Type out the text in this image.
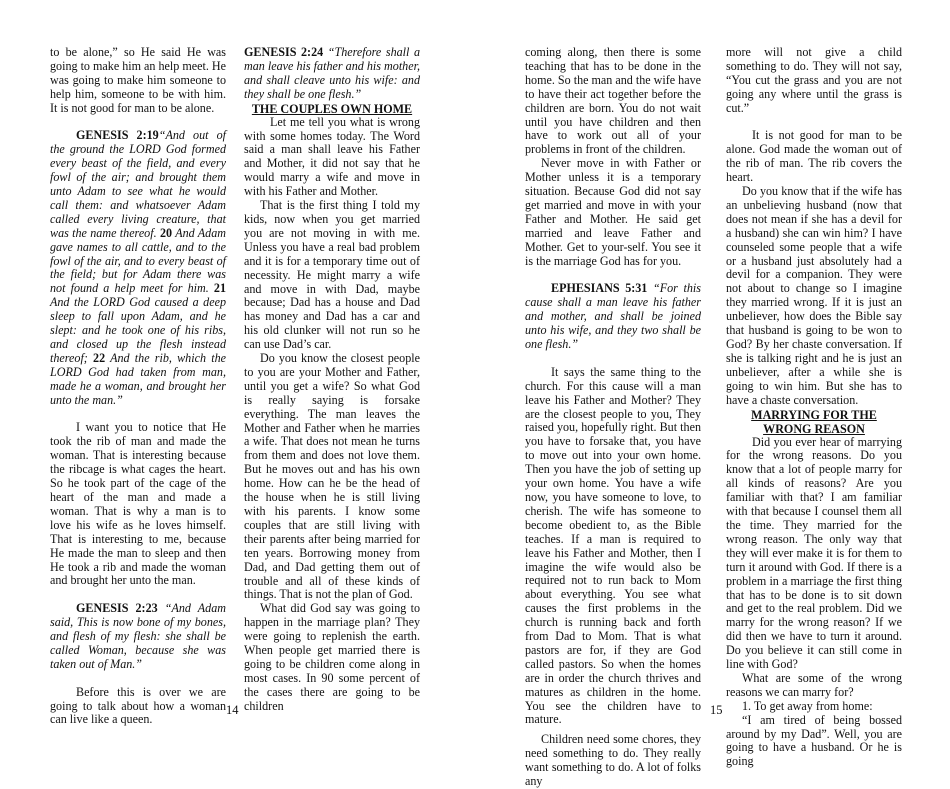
to be alone,” so He said He was going to make him an help meet. He was going to make him someone to help him, someone to be with him. It is not good for man to be alone.

GENESIS 2:19“And out of the ground the LORD God formed every beast of the field, and every fowl of the air; and brought them unto Adam to see what he would call them: and whatsoever Adam called every living creature, that was the name thereof. 20 And Adam gave names to all cattle, and to the fowl of the air, and to every beast of the field; but for Adam there was not found a help meet for him. 21 And the LORD God caused a deep sleep to fall upon Adam, and he slept: and he took one of his ribs, and closed up the flesh instead thereof; 22 And the rib, which the LORD God had taken from man, made he a woman, and brought her unto the man.”

I want you to notice that He took the rib of man and made the woman. That is interesting because the ribcage is what cages the heart. So he took part of the cage of the heart of the man and made a woman. That is why a man is to love his wife as he loves himself. That is interesting to me, because He made the man to sleep and then He took a rib and made the woman and brought her unto the man.

GENESIS 2:23 “And Adam said, This is now bone of my bones, and flesh of my flesh: she shall be called Woman, because she was taken out of Man.”

Before this is over we are going to talk about how a woman can live like a queen.

GENESIS 2:24 “Therefore shall a man leave his father and his mother, and shall cleave unto his wife: and they shall be one flesh.”

THE COUPLES OWN HOME

Let me tell you what is wrong with some homes today. The Word said a man shall leave his Father and Mother, it did not say that he would marry a wife and move in with his Father and Mother.

That is the first thing I told my kids, now when you get married you are not moving in with me. Unless you have a real bad problem and it is for a temporary time out of necessity. He might marry a wife and move in with Dad, maybe because; Dad has a house and Dad has money and Dad has a car and his old clunker will not run so he can use Dad’s car.

Do you know the closest people to you are your Mother and Father, until you get a wife? So what God is really saying is forsake everything. The man leaves the Mother and Father when he marries a wife. That does not mean he turns from them and does not love them. But he moves out and has his own home. How can he be the head of the house when he is still living with his parents. I know some couples that are still living with their parents after being married for ten years. Borrowing money from Dad, and Dad getting them out of trouble and all of these kinds of things. That is not the plan of God.

What did God say was going to happen in the marriage plan? They were going to replenish the earth. When people get married there is going to be children come along in most cases. In 90 some percent of the cases there are going to be children

14

coming along, then there is some teaching that has to be done in the home. So the man and the wife have to have their act together before the children are born. You do not wait until you have children and then have to work out all of your problems in front of the children.

Never move in with Father or Mother unless it is a temporary situation. Because God did not say get married and move in with your Father and Mother. He said get married and leave Father and Mother. Get to your-self. You see it is the marriage God has for you.

EPHESIANS 5:31 “For this cause shall a man leave his father and mother, and shall be joined unto his wife, and they two shall be one flesh.”

It says the same thing to the church. For this cause will a man leave his Father and Mother? They are the closest people to you, They raised you, hopefully right. But then you have to forsake that, you have to move out into your own home. Then you have the job of setting up your own home. You have a wife now, you have someone to love, to cherish. The wife has someone to become obedient to, as the Bible teaches. If a man is required to leave his Father and Mother, then I imagine the wife would also be required not to run back to Mom about everything. You see what causes the first problems in the church is running back and forth from Dad to Mom. That is what pastors are for, if they are God called pastors. So when the homes are in order the church thrives and matures as children in the home. You see the children have to mature.

Children need some chores, they need something to do. They really want something to do. A lot of folks any

more will not give a child something to do. They will not say, “You cut the grass and you are not going any where until the grass is cut.”

It is not good for man to be alone. God made the woman out of the rib of man. The rib covers the heart.

Do you know that if the wife has an unbelieving husband (now that does not mean if she has a devil for a husband) she can win him? I have counseled some people that a wife or a husband just absolutely had a devil for a companion. They were not about to change so I imagine they married wrong. If it is just an unbeliever, how does the Bible say that husband is going to be won to God? By her chaste conversation. If she is talking right and he is just an unbeliever, after a while she is going to win him. But she has to have a chaste conversation.

MARRYING FOR THE WRONG REASON

Did you ever hear of marrying for the wrong reasons. Do you know that a lot of people marry for all kinds of reasons? Are you familiar with that? I am familiar with that because I counsel them all the time. They married for the wrong reason. The only way that they will ever make it is for them to turn it around with God. If there is a problem in a marriage the first thing that has to be done is to sit down and get to the real problem. Did we marry for the wrong reason? If we did then we have to turn it around. Do you believe it can still come in line with God?

What are some of the wrong reasons we can marry for?

1. To get away from home:

“I am tired of being bossed around by my Dad”. Well, you are going to have a husband. Or he is going

15
